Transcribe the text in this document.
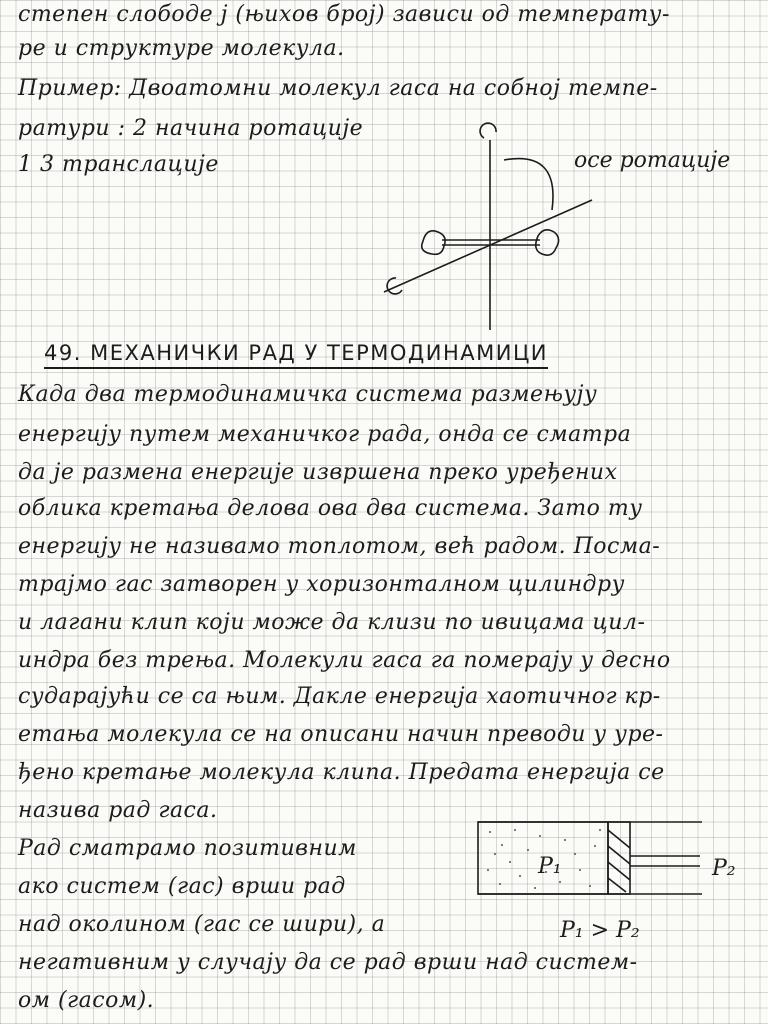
степен слободе j (њихов број) зависи од температу-
ре и структуре молекула.
Пример: Двоатомни молекул гаса на собној темпе-
ратури : 2 начина ротације
1 3 транслације	осе ротације
49. МЕХАНИЧКИ РАД У ТЕРМОДИНАМИЦИ
Када два термодинамичка система размењују
енергију путем механичког рада, онда се сматра
да је размена енергије извршена преко уређених
облика кретања делова ова два система. Зато ту
енергију не називамо топлотом, већ радом. Посма-
трајмо гас затворен у хоризонталном цилиндру
и лагани клип који може да клизи по ивицама цил-
индра без трења. Молекули гаса га померају у десно
сударајући се са њим. Дакле енергија хаотичног кр-
етања молекула се на описани начин преводи у уре-
ђено кретање молекула клипа. Предата енергија се
назива рад гаса.
Рад сматрамо позитивним
ако систем (гас) врши рад
над околином (гас се шири), а
негативним у случају да се рад врши над систем-
ом (гасом).
P₁	P₂
P₁ > P₂
